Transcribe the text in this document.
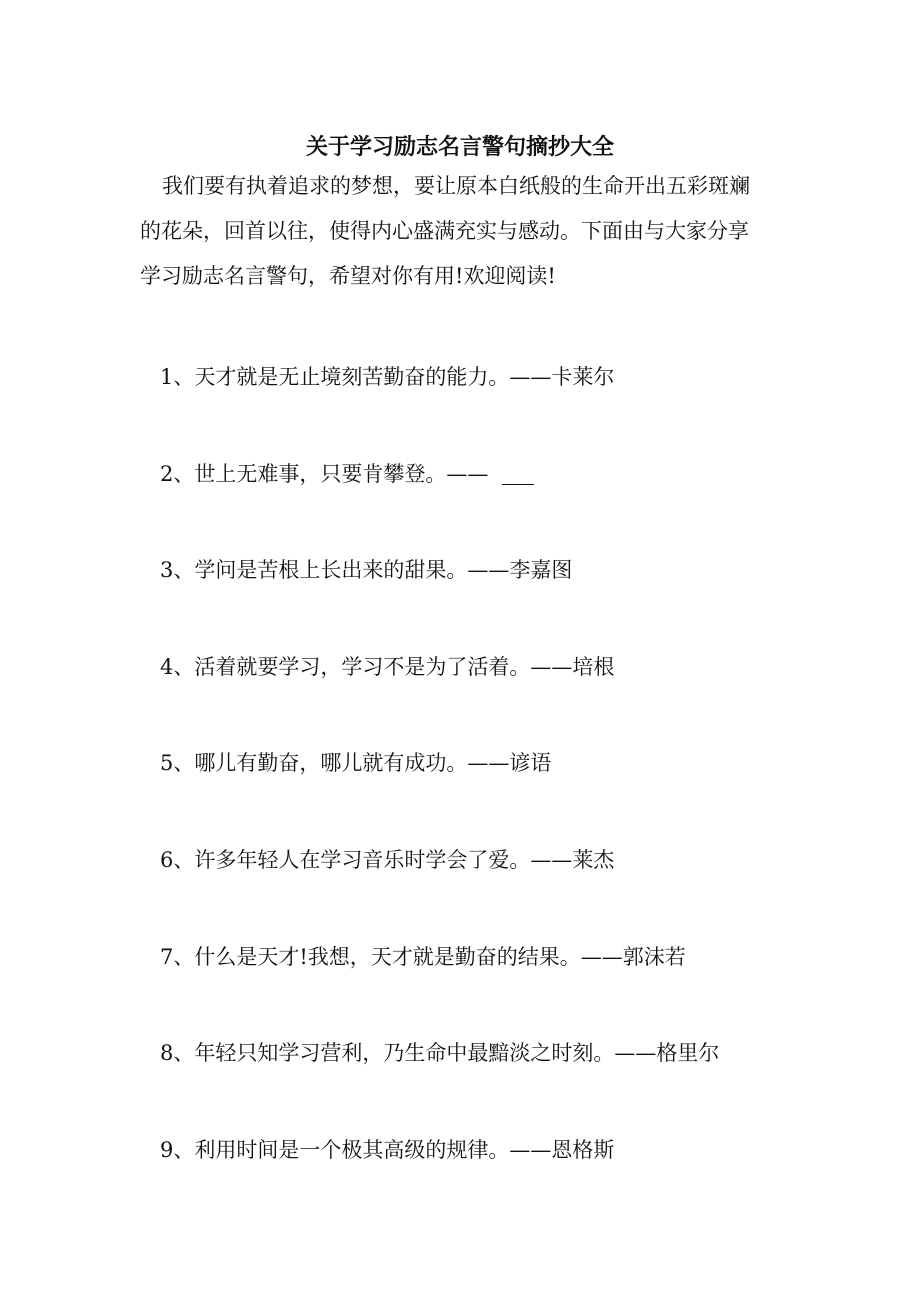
关于学习励志名言警句摘抄大全
我们要有执着追求的梦想，要让原本白纸般的生命开出五彩斑斓
的花朵，回首以往，使得内心盛满充实与感动。下面由与大家分享
学习励志名言警句，希望对你有用!欢迎阅读!
1、天才就是无止境刻苦勤奋的能力。——卡莱尔
2、世上无难事，只要肯攀登。——
3、学问是苦根上长出来的甜果。——李嘉图
4、活着就要学习，学习不是为了活着。——培根
5、哪儿有勤奋，哪儿就有成功。——谚语
6、许多年轻人在学习音乐时学会了爱。——莱杰
7、什么是天才!我想，天才就是勤奋的结果。——郭沫若
8、年轻只知学习营利，乃生命中最黯淡之时刻。——格里尔
9、利用时间是一个极其高级的规律。——恩格斯
